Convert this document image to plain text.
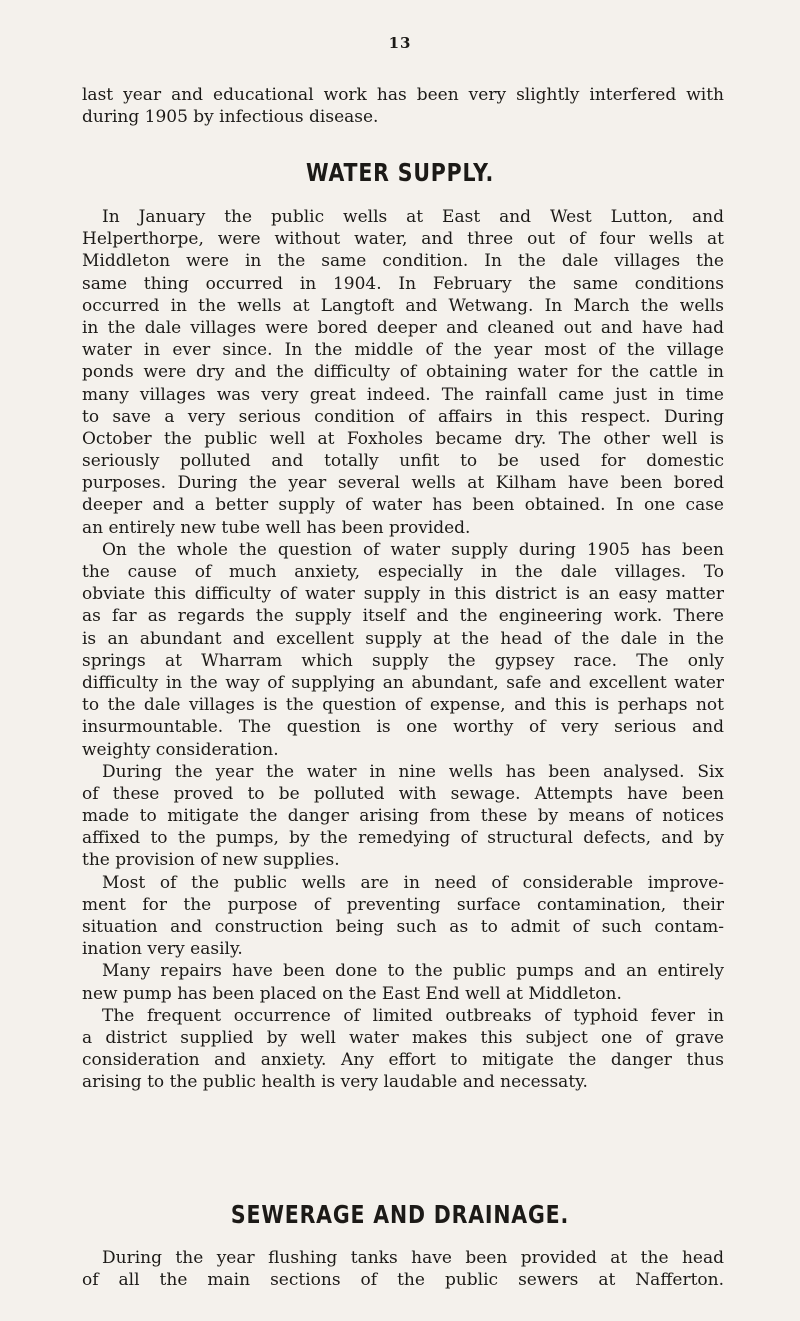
13
last year and educational work has been very slightly interfered with
during 1905 by infectious disease.
WATER SUPPLY.
In January the public wells at East and West Lutton, and
Helperthorpe, were without water, and three out of four wells at
Middleton were in the same condition. In the dale villages the
same thing occurred in 1904. In February the same conditions
occurred in the wells at Langtoft and Wetwang. In March the wells
in the dale villages were bored deeper and cleaned out and have had
water in ever since. In the middle of the year most of the village
ponds were dry and the difficulty of obtaining water for the cattle in
many villages was very great indeed. The rainfall came just in time
to save a very serious condition of affairs in this respect. During
October the public well at Foxholes became dry. The other well is
seriously polluted and totally unfit to be used for domestic
purposes. During the year several wells at Kilham have been bored
deeper and a better supply of water has been obtained. In one case
an entirely new tube well has been provided.
On the whole the question of water supply during 1905 has been
the cause of much anxiety, especially in the dale villages. To
obviate this difficulty of water supply in this district is an easy matter
as far as regards the supply itself and the engineering work. There
is an abundant and excellent supply at the head of the dale in the
springs at Wharram which supply the gypsey race. The only
difficulty in the way of supplying an abundant, safe and excellent water
to the dale villages is the question of expense, and this is perhaps not
insurmountable. The question is one worthy of very serious and
weighty consideration.
During the year the water in nine wells has been analysed. Six
of these proved to be polluted with sewage. Attempts have been
made to mitigate the danger arising from these by means of notices
affixed to the pumps, by the remedying of structural defects, and by
the provision of new supplies.
Most of the public wells are in need of considerable improve-
ment for the purpose of preventing surface contamination, their
situation and construction being such as to admit of such contam-
ination very easily.
Many repairs have been done to the public pumps and an entirely
new pump has been placed on the East End well at Middleton.
The frequent occurrence of limited outbreaks of typhoid fever in
a district supplied by well water makes this subject one of grave
consideration and anxiety. Any effort to mitigate the danger thus
arising to the public health is very laudable and necessaty.
SEWERAGE AND DRAINAGE.
During the year flushing tanks have been provided at the head
of all the main sections of the public sewers at Nafferton.
